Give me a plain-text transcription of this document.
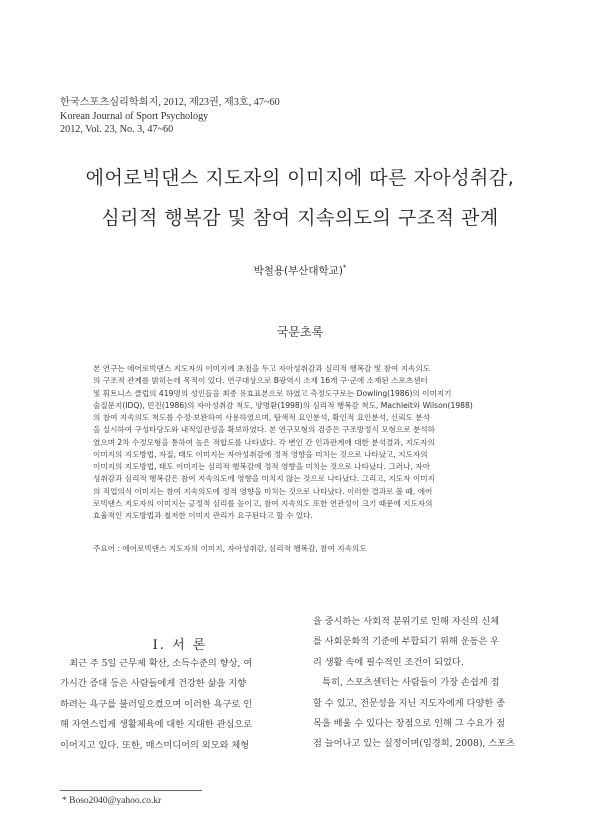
한국스포츠심리학회지, 2012, 제23권, 제3호, 47~60
Korean Journal of Sport Psychology
2012, Vol. 23, No. 3, 47~60
에어로빅댄스 지도자의 이미지에 따른 자아성취감,
심리적 행복감 및 참여 지속의도의 구조적 관계
박철용(부산대학교)*
국문초록
본 연구는 에어로빅댄스 지도자의 이미지에 초점을 두고 자아성취감과 심리적 행복감 및 참여 지속의도
의 구조적 관계를 밝히는데 목적이 있다. 연구대상으로 B광역시 소재 16개 구·군에 소재된 스포츠센터
및 휘트니스 클럽의 419명의 성인들을 최종 유효표본으로 하였고 측정도구로는 Dowling(1986)의 이미지기
술질문지(IDQ), 민진(1986)의 자아성취감 척도, 양명환(1998)의 심리적 행복감 척도, Machleit와 Wilson(1988)
의 참여 지속의도 척도를 수정·보완하여 사용하였으며, 탐색적 요인분석, 확인적 요인분석, 신뢰도 분석
을 실시하여 구성타당도와 내적일관성을 확보하였다. 본 연구모형의 검증은 구조방정식 모형으로 분석하
였으며 2차 수정모형을 통하여 높은 적합도를 나타냈다. 각 변인 간 인과관계에 대한 분석결과, 지도자의
이미지의 지도방법, 자질, 태도 이미지는 자아성취감에 정적 영향을 미치는 것으로 나타났고, 지도자의
이미지의 지도방법, 태도 이미지는 심리적 행복감에 정적 영향을 미치는 것으로 나타났다. 그러나, 자아
성취감과 심리적 행복감은 참여 지속의도에 영향을 미치지 않는 것으로 나타났다. 그리고, 지도자 이미지
의 직업의식 이미지는 참여 지속의도에 정적 영향을 미치는 것으로 나타났다. 이러한 결과로 볼 때, 에어
로빅댄스 지도자의 이미지는 긍정적 심리를 높이고, 참여 지속의도 또한 연관성이 크기 때문에 지도자의
효율적인 지도방법과 철저한 이미지 관리가 요구된다고 할 수 있다.
주요어 : 에어로빅댄스 지도자의 이미지, 자아성취감, 심리적 행복감, 참여 지속의도
I. 서 론
　최근 주 5일 근무제 확산, 소득수준의 향상, 여
가시간 증대 등은 사람들에게 건강한 삶을 지향
하려는 욕구를 불러일으켰으며 이러한 욕구로 인
해 자연스럽게 생활체육에 대한 지대한 관심으로
이어지고 있다. 또한, 매스미디어의 외모와 체형
을 중시하는 사회적 분위기로 인해 자신의 신체
를 사회문화적 기준에 부합되기 위해 운동은 우
리 생활 속에 필수적인 조건이 되었다.
　특히, 스포츠센터는 사람들이 가장 손쉽게 접
할 수 있고, 전문성을 지닌 지도자에게 다양한 종
목을 배울 수 있다는 장점으로 인해 그 수요가 점
점 늘어나고 있는 실정이며(임경희, 2008), 스포츠
* Boso2040@yahoo.co.kr
